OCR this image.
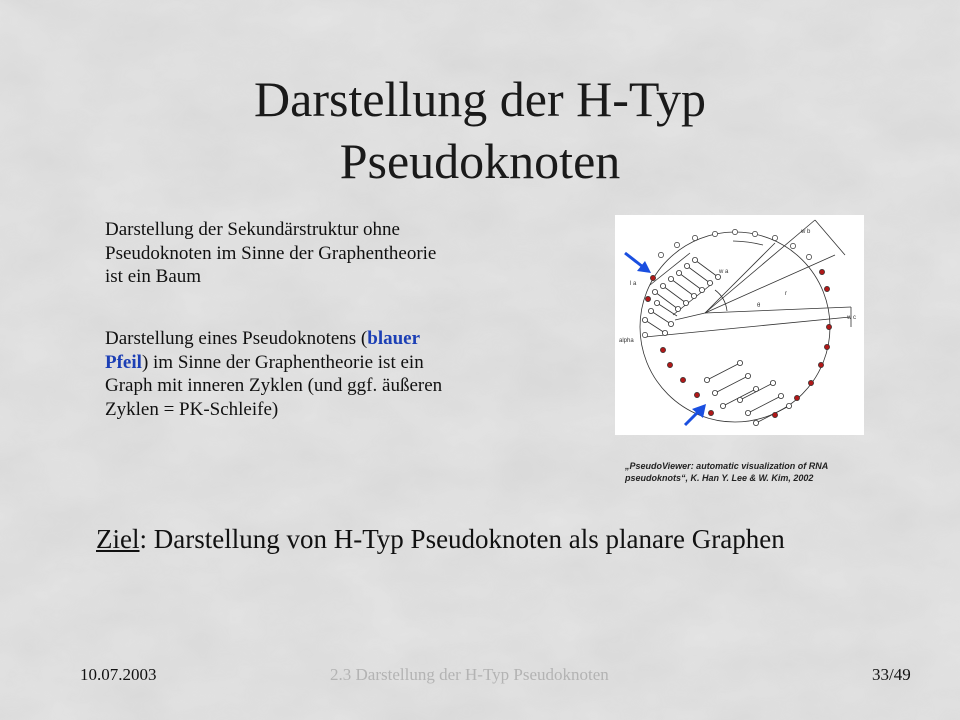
Darstellung der H-Typ
Pseudoknoten
Darstellung der Sekundärstruktur ohne Pseudoknoten im Sinne der Graphentheorie ist ein Baum
Darstellung eines Pseudoknotens (blauer Pfeil) im Sinne der Graphentheorie ist ein Graph mit inneren Zyklen (und ggf. äußeren Zyklen = PK-Schleife)
w b
w a
w c
l a
r
θ
alpha
„PseudoViewer: automatic visualization of RNA pseudoknots“, K. Han Y. Lee & W. Kim, 2002
Ziel: Darstellung von H-Typ Pseudoknoten als planare Graphen
10.07.2003	2.3 Darstellung der H-Typ Pseudoknoten	33/49
